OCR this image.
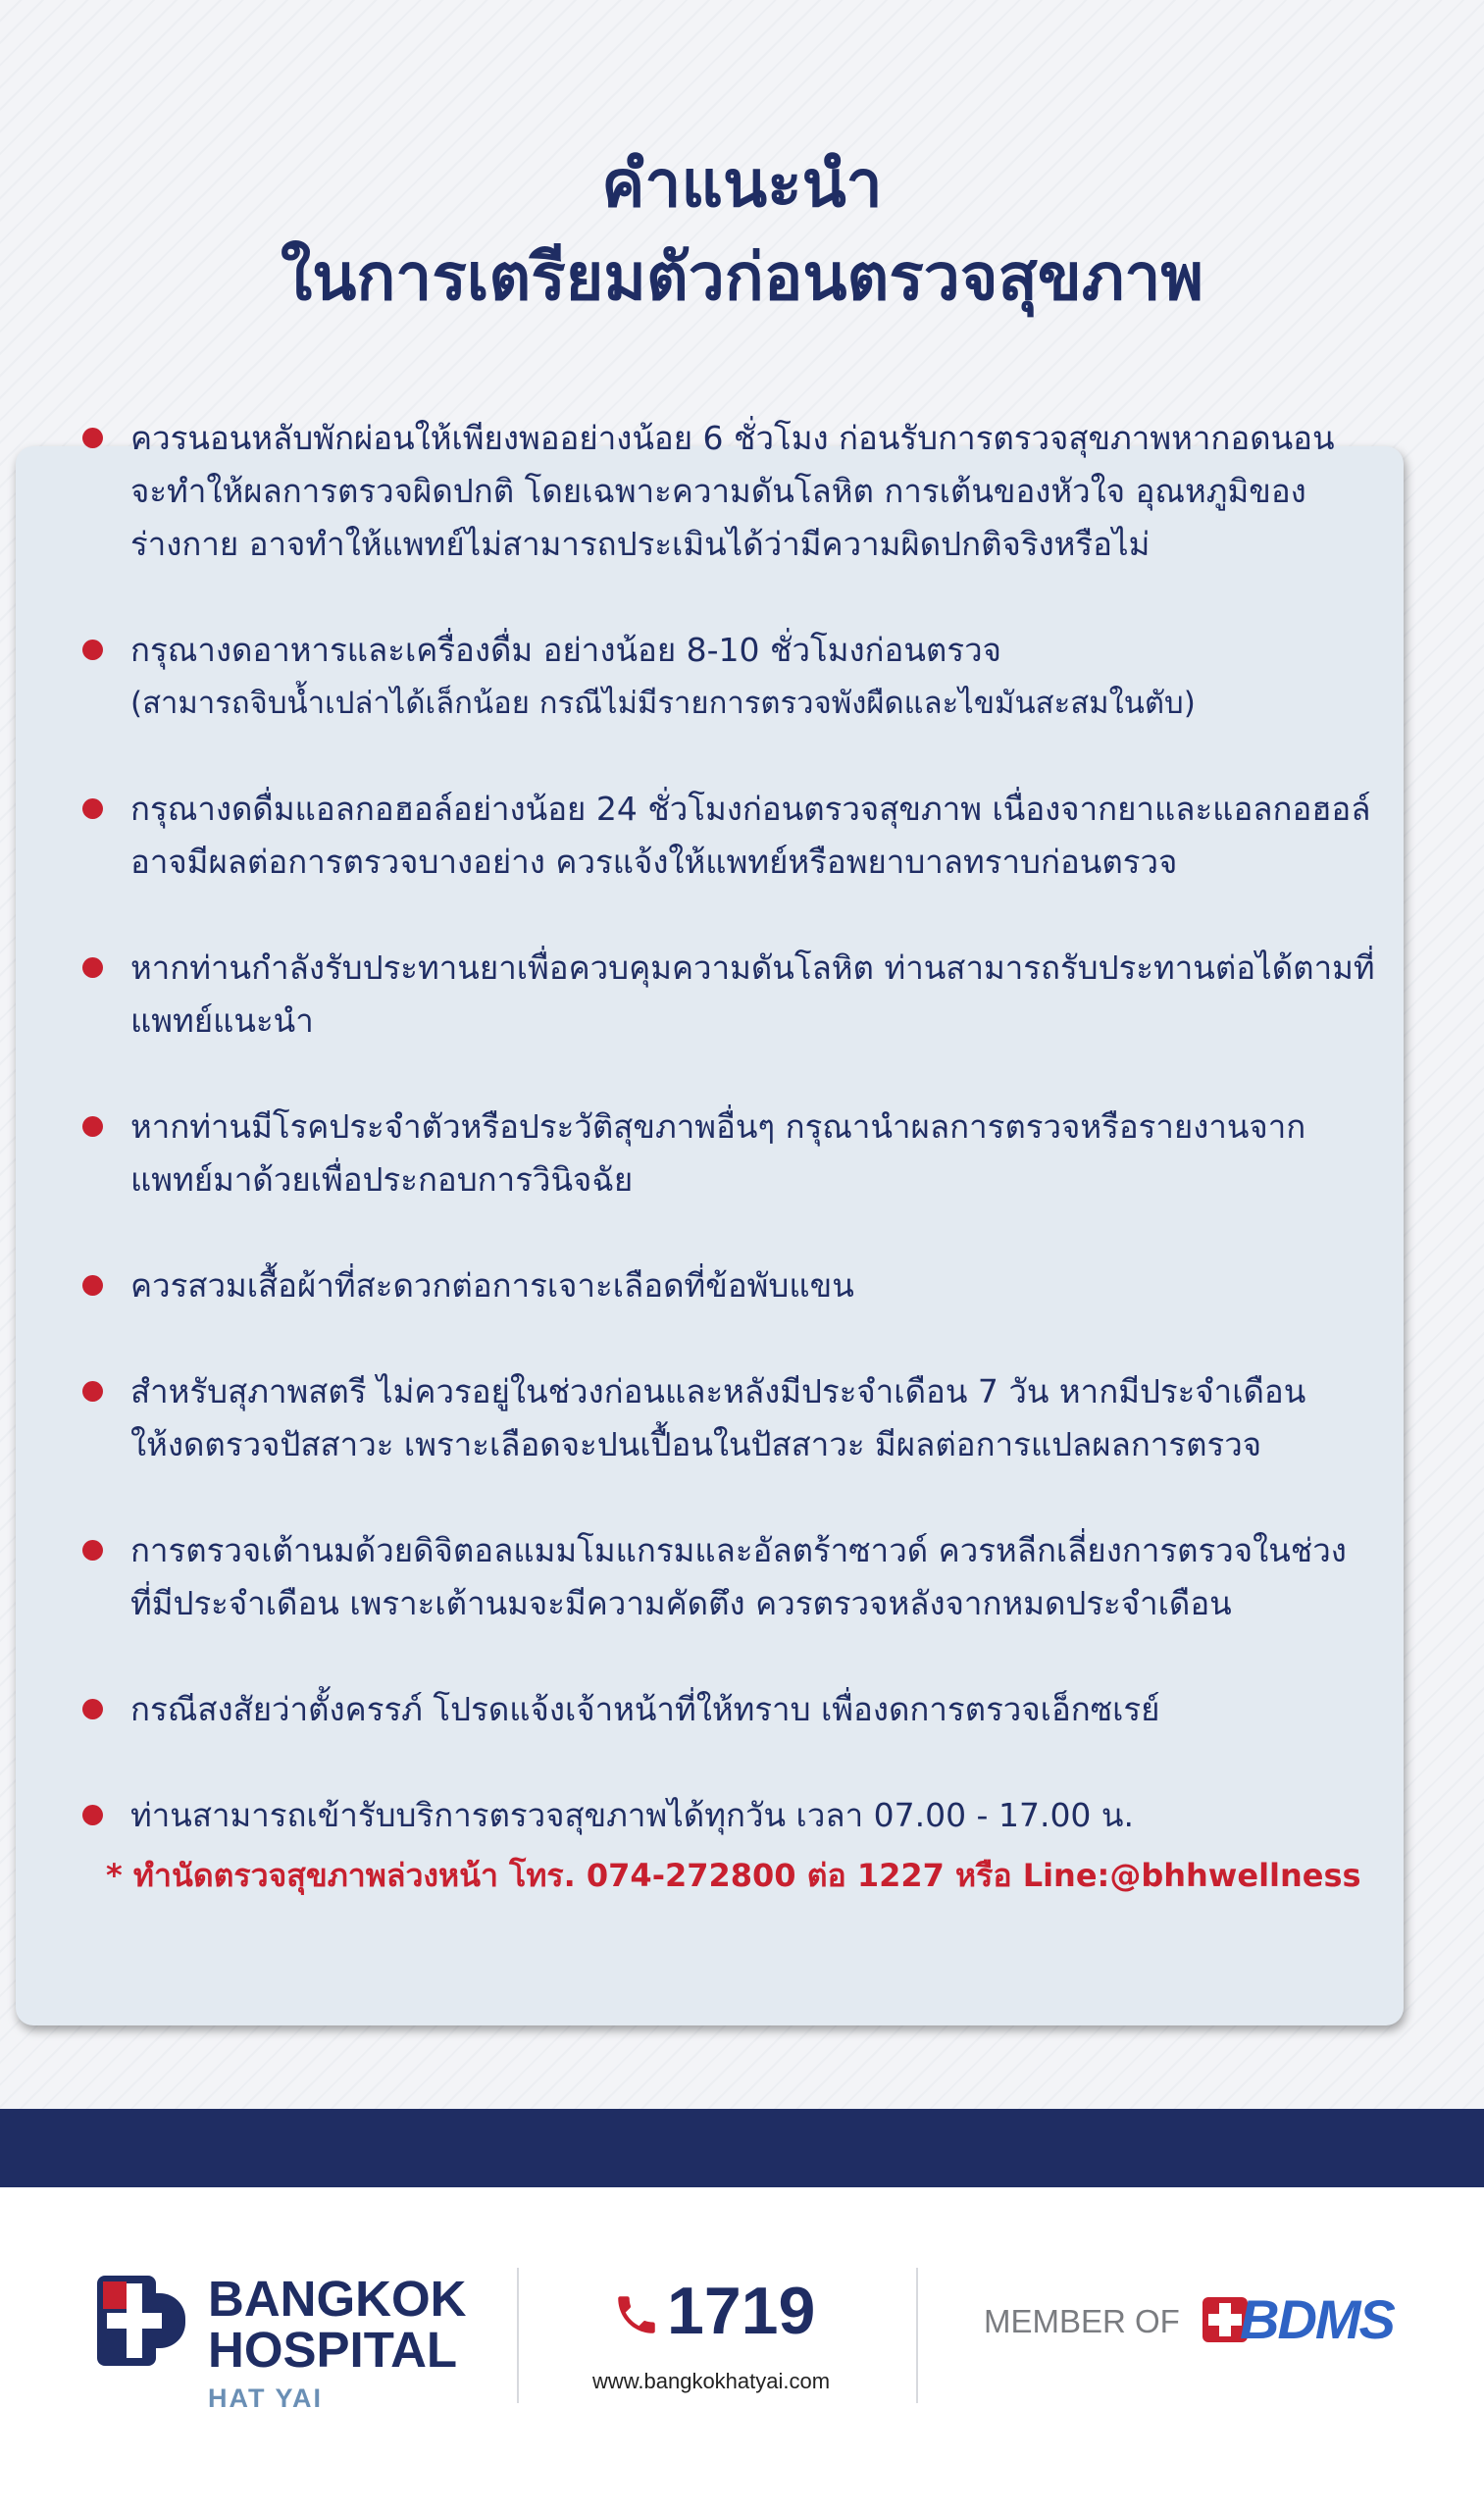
คำแนะนำ
ในการเตรียมตัวก่อนตรวจสุขภาพ
ควรนอนหลับพักผ่อนให้เพียงพออย่างน้อย 6 ชั่วโมง ก่อนรับการตรวจสุขภาพหากอดนอน
จะทำให้ผลการตรวจผิดปกติ โดยเฉพาะความดันโลหิต การเต้นของหัวใจ อุณหภูมิของ
ร่างกาย อาจทำให้แพทย์ไม่สามารถประเมินได้ว่ามีความผิดปกติจริงหรือไม่
กรุณางดอาหารและเครื่องดื่ม อย่างน้อย 8-10 ชั่วโมงก่อนตรวจ
(สามารถจิบน้ำเปล่าได้เล็กน้อย กรณีไม่มีรายการตรวจพังผืดและไขมันสะสมในตับ)
กรุณางดดื่มแอลกอฮอล์อย่างน้อย 24 ชั่วโมงก่อนตรวจสุขภาพ เนื่องจากยาและแอลกอฮอล์
อาจมีผลต่อการตรวจบางอย่าง ควรแจ้งให้แพทย์หรือพยาบาลทราบก่อนตรวจ
หากท่านกำลังรับประทานยาเพื่อควบคุมความดันโลหิต ท่านสามารถรับประทานต่อได้ตามที่
แพทย์แนะนำ
หากท่านมีโรคประจำตัวหรือประวัติสุขภาพอื่นๆ กรุณานำผลการตรวจหรือรายงานจาก
แพทย์มาด้วยเพื่อประกอบการวินิจฉัย
ควรสวมเสื้อผ้าที่สะดวกต่อการเจาะเลือดที่ข้อพับแขน
สำหรับสุภาพสตรี ไม่ควรอยู่ในช่วงก่อนและหลังมีประจำเดือน 7 วัน หากมีประจำเดือน
ให้งดตรวจปัสสาวะ เพราะเลือดจะปนเปื้อนในปัสสาวะ มีผลต่อการแปลผลการตรวจ
การตรวจเต้านมด้วยดิจิตอลแมมโมแกรมและอัลตร้าซาวด์ ควรหลีกเลี่ยงการตรวจในช่วง
ที่มีประจำเดือน เพราะเต้านมจะมีความคัดตึง ควรตรวจหลังจากหมดประจำเดือน
กรณีสงสัยว่าตั้งครรภ์ โปรดแจ้งเจ้าหน้าที่ให้ทราบ เพื่องดการตรวจเอ็กซเรย์
ท่านสามารถเข้ารับบริการตรวจสุขภาพได้ทุกวัน เวลา 07.00 - 17.00 น.
* ทำนัดตรวจสุขภาพล่วงหน้า โทร. 074-272800 ต่อ 1227 หรือ Line:@bhhwellness
BANGKOK
HOSPITAL
HAT YAI
1719
www.bangkokhatyai.com
MEMBER OF BDMS
